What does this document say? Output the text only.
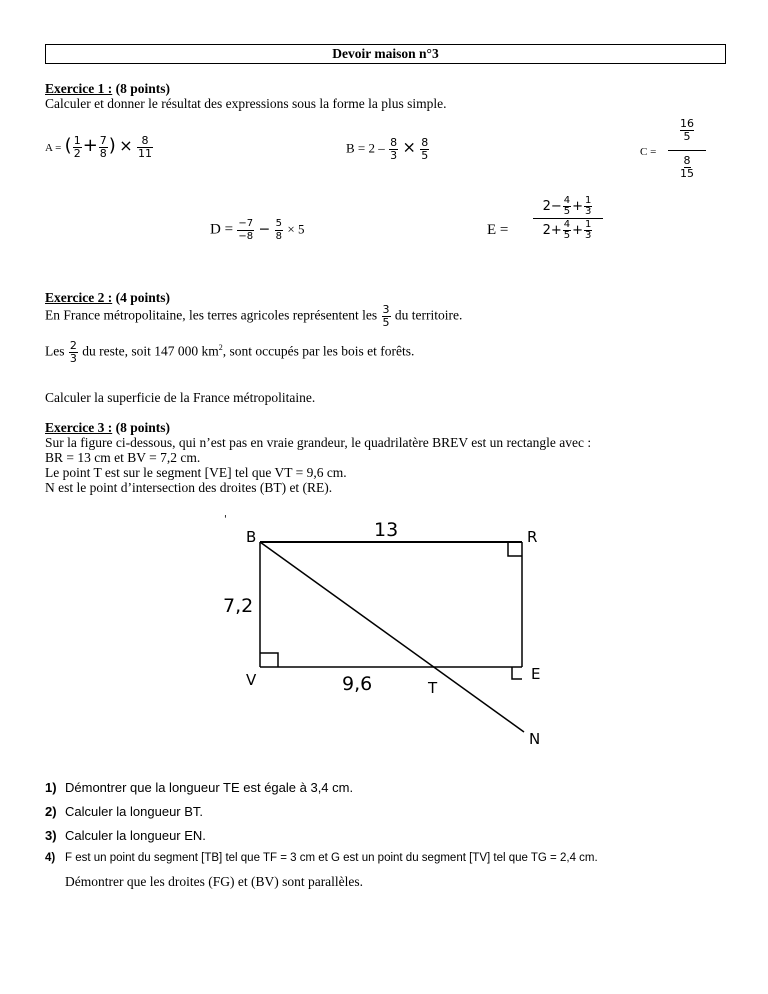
Devoir maison n°3
Exercice 1 : (8 points)
Calculer et donner le résultat des expressions sous la forme la plus simple.
A = ( $\frac{1}{2} + \frac{7}{8}$ ) × $\frac{8}{11}$	$B = 2 - \frac{8}{3} \times \frac{8}{5}$	C =
16
5
8
15
$D = \frac{-7}{-8} - \frac{5}{8} \times 5$	E =
$2- \frac{4}{5} + \frac{1}{3}$
$2+ \frac{4}{5} + \frac{1}{3}$
Exercice 2 : (4 points)
En France métropolitaine, les terres agricoles représentent les $\frac{3}{5}$ du territoire.
Les $\frac{2}{3}$ du reste, soit 147 000 $km^2$, sont occupés par les bois et forêts.
Calculer la superficie de la France métropolitaine.
Exercice 3 : (8 points)
Sur la figure ci-dessous, qui n’est pas en vraie grandeur, le quadrilatère BREV est un rectangle avec :
BR = 13 cm et BV = 7,2 cm.
Le point T est sur le segment [VE] tel que VT = 9,6 cm.
N est le point d’intersection des droites (BT) et (RE).
'
B	R
V	E
T
N
13
7,2
9,6
1) Démontrer que la longueur TE est égale à 3,4 cm.
2) Calculer la longueur BT.
3) Calculer la longueur EN.
4) F est un point du segment [TB] tel que TF = 3 cm et G est un point du segment [TV] tel que TG = 2,4 cm.
Démontrer que les droites (FG) et (BV) sont parallèles.
